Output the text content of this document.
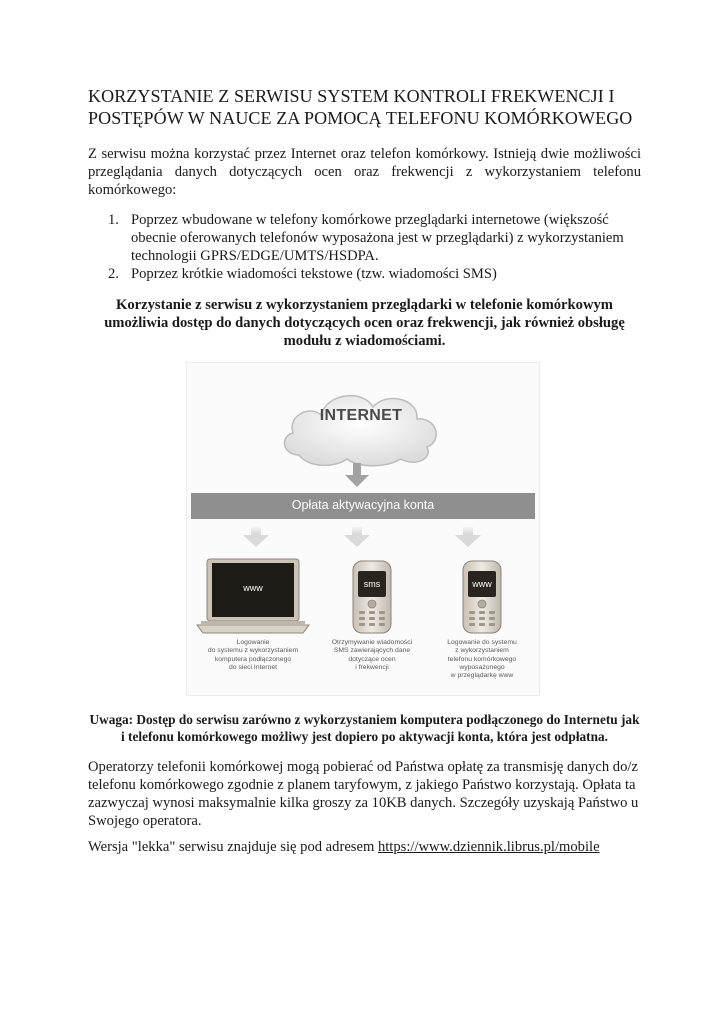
KORZYSTANIE Z SERWISU SYSTEM KONTROLI FREKWENCJI I POSTĘPÓW W NAUCE ZA POMOCĄ TELEFONU KOMÓRKOWEGO

Z serwisu można korzystać przez Internet oraz telefon komórkowy. Istnieją dwie możliwości przeglądania danych dotyczących ocen oraz frekwencji z wykorzystaniem telefonu komórkowego:

1. Poprzez wbudowane w telefony komórkowe przeglądarki internetowe (większość obecnie oferowanych telefonów wyposażona jest w przeglądarki) z wykorzystaniem technologii GPRS/EDGE/UMTS/HSDPA.
2. Poprzez krótkie wiadomości tekstowe (tzw. wiadomości SMS)

Korzystanie z serwisu z wykorzystaniem przeglądarki w telefonie komórkowym umożliwia dostęp do danych dotyczących ocen oraz frekwencji, jak również obsługę modułu z wiadomościami.

INTERNET
Opłata aktywacyjna konta
www	sms	www
Logowanie
do systemu z wykorzystaniem
komputera podłączonego
do sieci Internet
Otrzymywanie wiadomości
SMS zawierających dane
dotyczące ocen
i frekwencji
Logowanie do systemu
z wykorzystaniem
telefonu komórkowego
wyposażonego
w przeglądarkę www

Uwaga: Dostęp do serwisu zarówno z wykorzystaniem komputera podłączonego do Internetu jak i telefonu komórkowego możliwy jest dopiero po aktywacji konta, która jest odpłatna.

Operatorzy telefonii komórkowej mogą pobierać od Państwa opłatę za transmisję danych do/z telefonu komórkowego zgodnie z planem taryfowym, z jakiego Państwo korzystają. Opłata ta zazwyczaj wynosi maksymalnie kilka groszy za 10KB danych. Szczegóły uzyskają Państwo u Swojego operatora.

Wersja "lekka" serwisu znajduje się pod adresem https://www.dziennik.librus.pl/mobile
